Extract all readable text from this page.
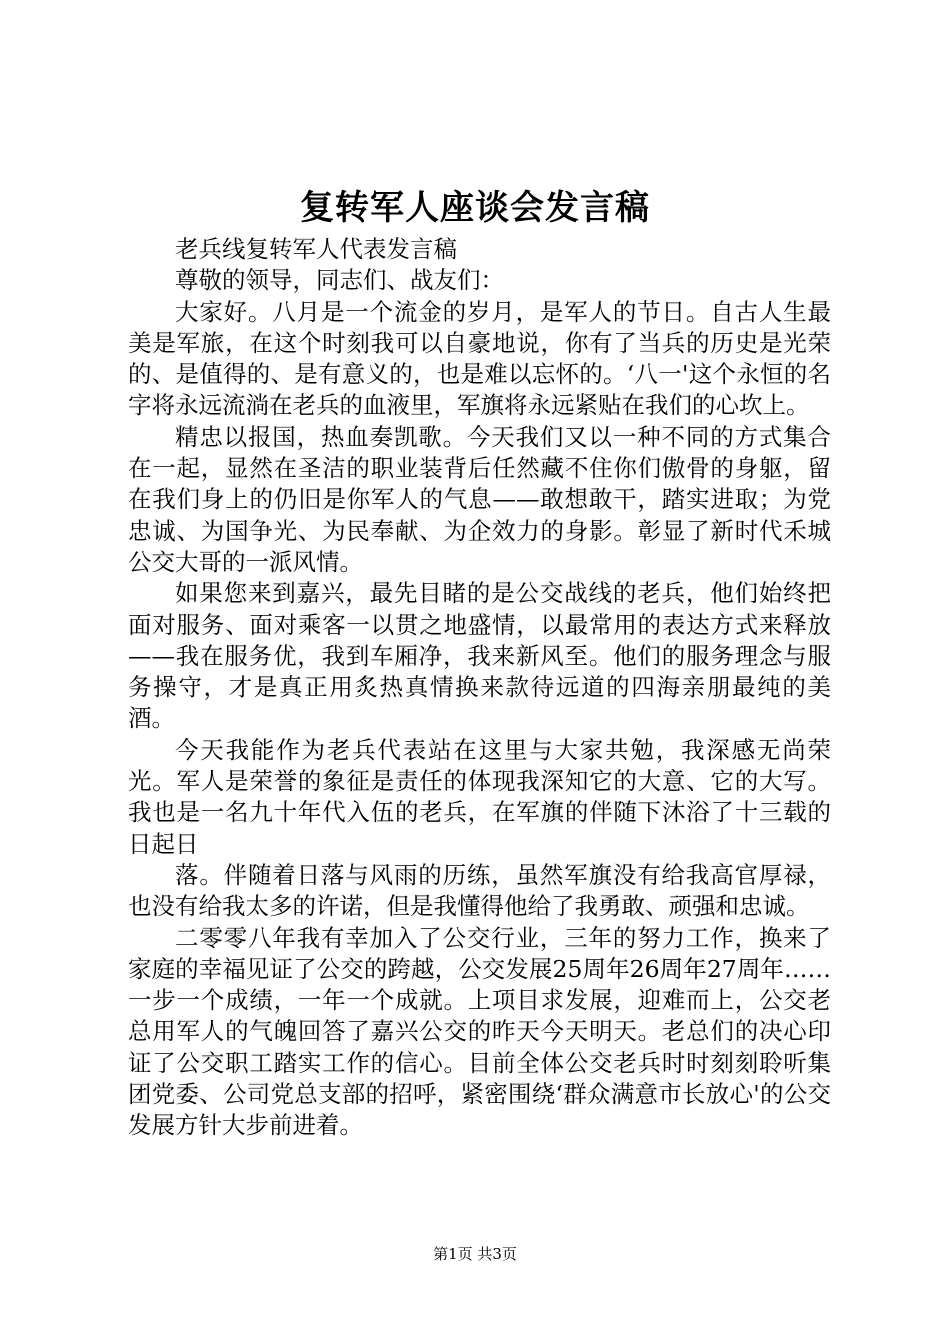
复转军人座谈会发言稿

老兵线复转军人代表发言稿

尊敬的领导，同志们、战友们：

大家好。八月是一个流金的岁月，是军人的节日。自古人生最美是军旅，在这个时刻我可以自豪地说，你有了当兵的历史是光荣的、是值得的、是有意义的，也是难以忘怀的。‘八一'这个永恒的名字将永远流淌在老兵的血液里，军旗将永远紧贴在我们的心坎上。

精忠以报国，热血奏凯歌。今天我们又以一种不同的方式集合在一起，显然在圣洁的职业装背后任然藏不住你们傲骨的身躯，留在我们身上的仍旧是你军人的气息——敢想敢干，踏实进取；为党忠诚、为国争光、为民奉献、为企效力的身影。彰显了新时代禾城公交大哥的一派风情。

如果您来到嘉兴，最先目睹的是公交战线的老兵，他们始终把面对服务、面对乘客一以贯之地盛情，以最常用的表达方式来释放——我在服务优，我到车厢净，我来新风至。他们的服务理念与服务操守，才是真正用炙热真情换来款待远道的四海亲朋最纯的美酒。

今天我能作为老兵代表站在这里与大家共勉，我深感无尚荣光。军人是荣誉的象征是责任的体现我深知它的大意、它的大写。我也是一名九十年代入伍的老兵，在军旗的伴随下沐浴了十三载的日起日

落。伴随着日落与风雨的历练，虽然军旗没有给我高官厚禄，也没有给我太多的许诺，但是我懂得他给了我勇敢、顽强和忠诚。

二零零八年我有幸加入了公交行业，三年的努力工作，换来了家庭的幸福见证了公交的跨越，公交发展25周年26周年27周年……一步一个成绩，一年一个成就。上项目求发展，迎难而上，公交老总用军人的气魄回答了嘉兴公交的昨天今天明天。老总们的决心印证了公交职工踏实工作的信心。目前全体公交老兵时时刻刻聆听集团党委、公司党总支部的招呼，紧密围绕‘群众满意市长放心'的公交发展方针大步前进着。

第1页 共3页
